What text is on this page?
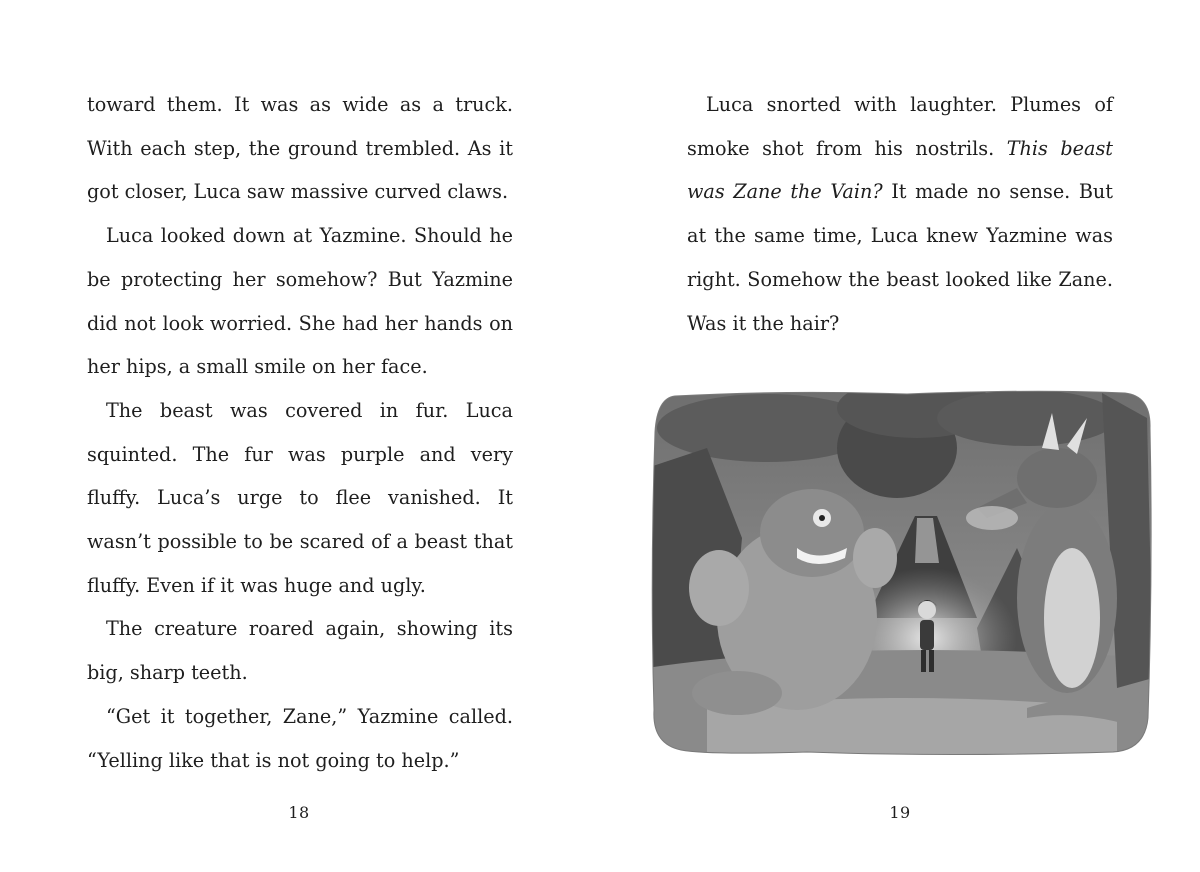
toward them. It was as wide as a truck. With each step, the ground trembled. As it got closer, Luca saw massive curved claws.

Luca looked down at Yazmine. Should he be protecting her somehow? But Yazmine did not look worried. She had her hands on her hips, a small smile on her face.

The beast was covered in fur. Luca squinted. The fur was purple and very fluffy. Luca’s urge to flee vanished. It wasn’t possible to be scared of a beast that fluffy. Even if it was huge and ugly.

The creature roared again, showing its big, sharp teeth.

“Get it together, Zane,” Yazmine called. “Yelling like that is not going to help.”

18

Luca snorted with laughter. Plumes of smoke shot from his nostrils. This beast was Zane the Vain? It made no sense. But at the same time, Luca knew Yazmine was right. Somehow the beast looked like Zane. Was it the hair?

19
